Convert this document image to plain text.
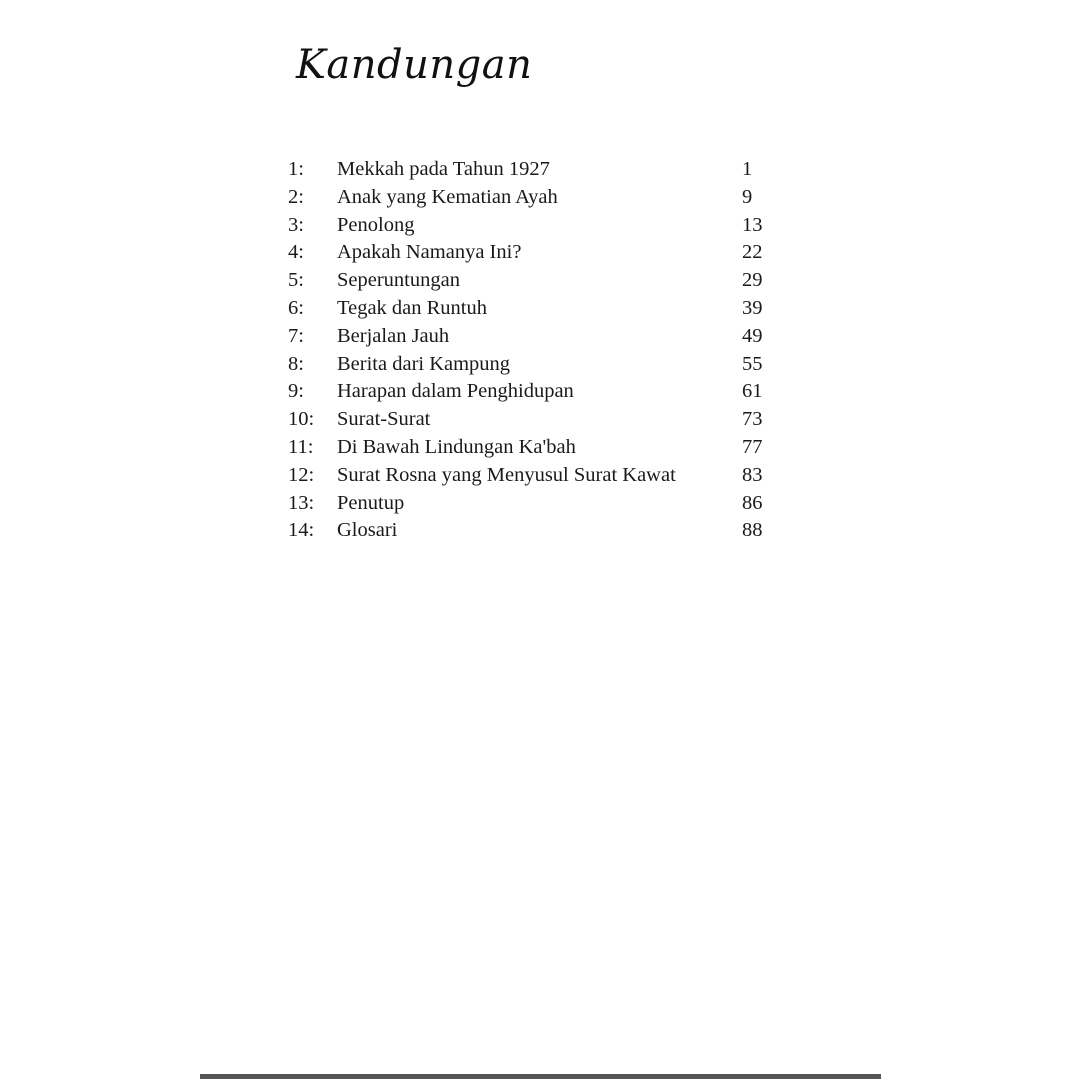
Kandungan
1:	Mekkah pada Tahun 1927	1
2:	Anak yang Kematian Ayah	9
3:	Penolong	13
4:	Apakah Namanya Ini?	22
5:	Seperuntungan	29
6:	Tegak dan Runtuh	39
7:	Berjalan Jauh	49
8:	Berita dari Kampung	55
9:	Harapan dalam Penghidupan	61
10:	Surat-Surat	73
11:	Di Bawah Lindungan Ka'bah	77
12:	Surat Rosna yang Menyusul Surat Kawat	83
13:	Penutup	86
14:	Glosari	88
